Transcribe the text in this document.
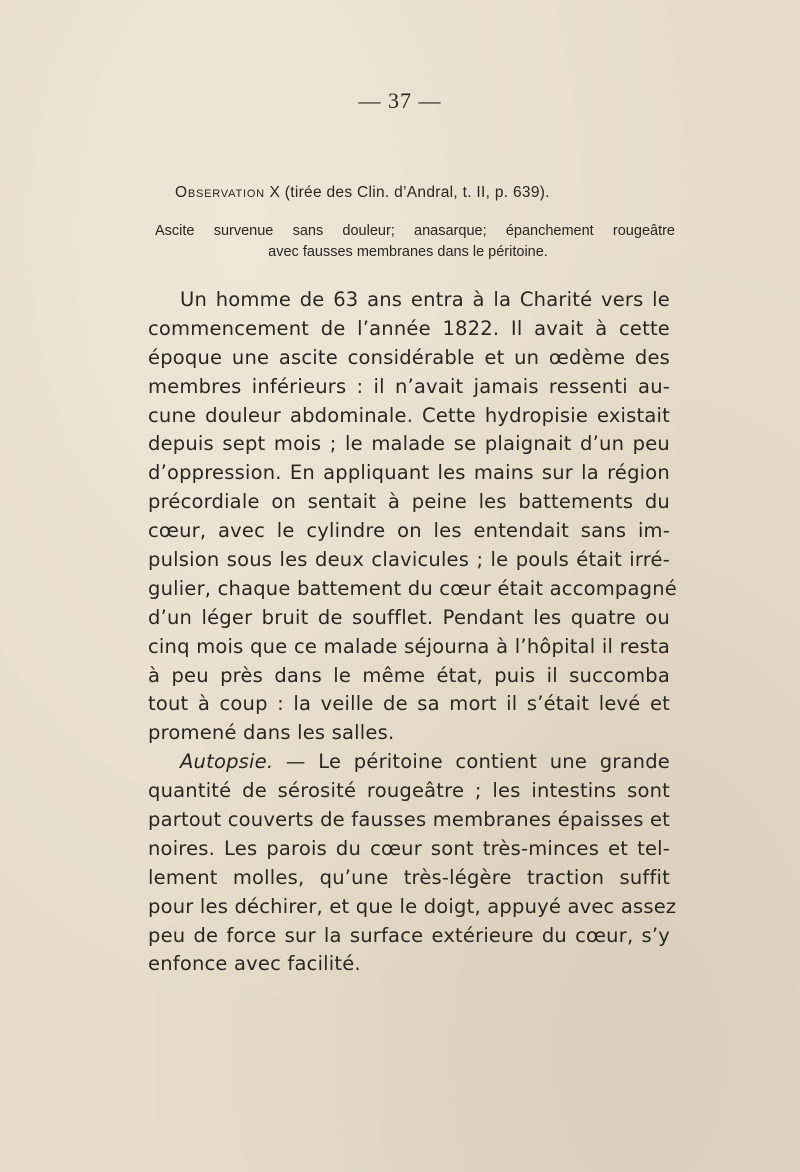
— 37 —
Observation X (tirée des Clin. d’Andral, t. II, p. 639).
Ascite survenue sans douleur; anasarque; épanchement rougeâtre
avec fausses membranes dans le péritoine.
Un homme de 63 ans entra à la Charité vers le
commencement de l’année 1822. Il avait à cette
époque une ascite considérable et un œdème des
membres inférieurs : il n’avait jamais ressenti au-
cune douleur abdominale. Cette hydropisie existait
depuis sept mois ; le malade se plaignait d’un peu
d’oppression. En appliquant les mains sur la région
précordiale on sentait à peine les battements du
cœur, avec le cylindre on les entendait sans im-
pulsion sous les deux clavicules ; le pouls était irré-
gulier, chaque battement du cœur était accompagné
d’un léger bruit de soufflet. Pendant les quatre ou
cinq mois que ce malade séjourna à l’hôpital il resta
à peu près dans le même état, puis il succomba
tout à coup : la veille de sa mort il s’était levé et
promené dans les salles.
Autopsie. — Le péritoine contient une grande
quantité de sérosité rougeâtre ; les intestins sont
partout couverts de fausses membranes épaisses et
noires. Les parois du cœur sont très-minces et tel-
lement molles, qu’une très-légère traction suffit
pour les déchirer, et que le doigt, appuyé avec assez
peu de force sur la surface extérieure du cœur, s’y
enfonce avec facilité.
